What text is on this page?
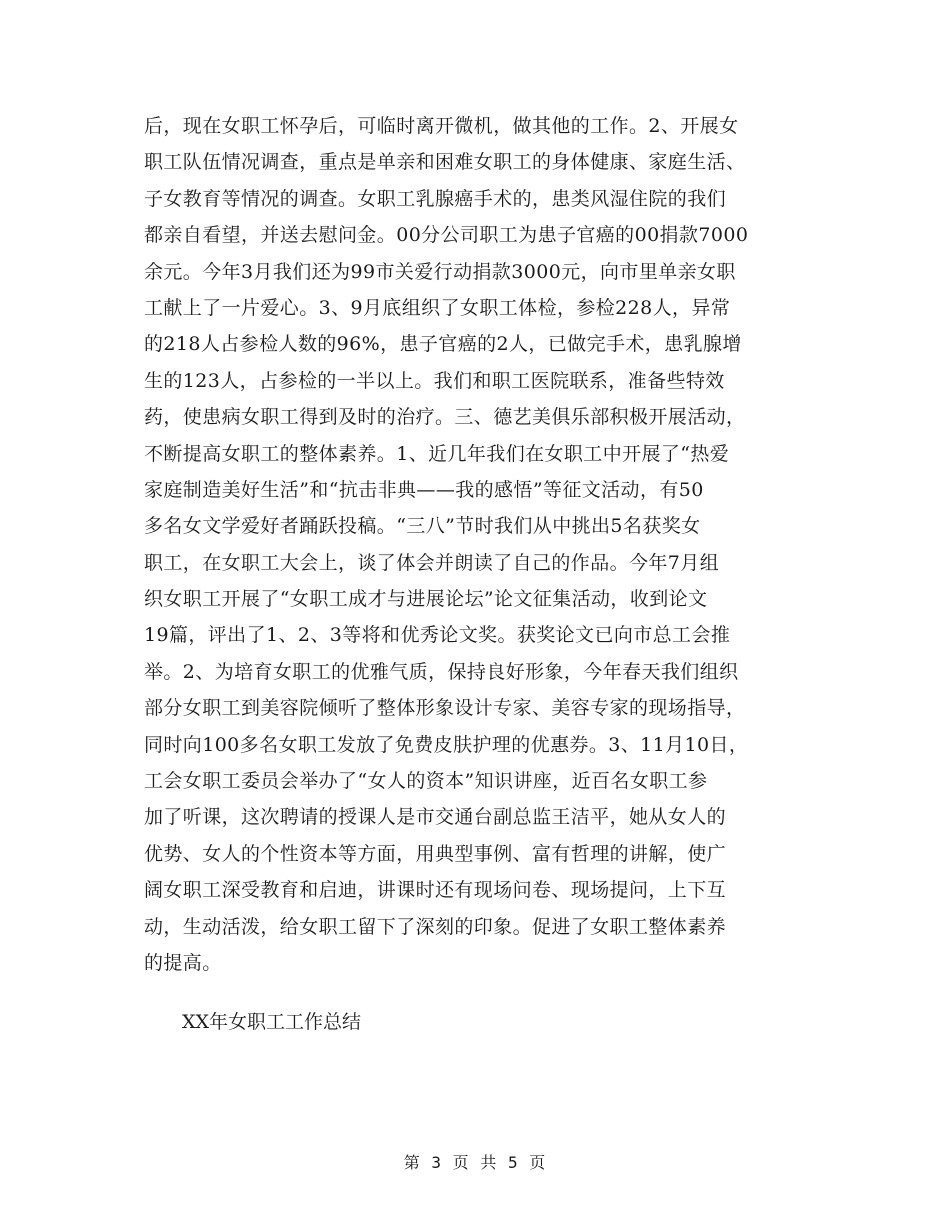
后，现在女职工怀孕后，可临时离开微机，做其他的工作。2、开展女
职工队伍情况调查，重点是单亲和困难女职工的身体健康、家庭生活、
子女教育等情况的调查。女职工乳腺癌手术的，患类风湿住院的我们
都亲自看望，并送去慰问金。00分公司职工为患子官癌的00捐款7000
余元。今年3月我们还为99市关爱行动捐款3000元，向市里单亲女职
工献上了一片爱心。3、9月底组织了女职工体检，参检228人，异常
的218人占参检人数的96%，患子官癌的2人，已做完手术，患乳腺增
生的123人，占参检的一半以上。我们和职工医院联系，准备些特效
药，使患病女职工得到及时的治疗。三、德艺美俱乐部积极开展活动，
不断提高女职工的整体素养。1、近几年我们在女职工中开展了“热爱
家庭制造美好生活”和“抗击非典——我的感悟”等征文活动，有50
多名女文学爱好者踊跃投稿。“三八”节时我们从中挑出5名获奖女
职工，在女职工大会上，谈了体会并朗读了自己的作品。今年7月组
织女职工开展了“女职工成才与进展论坛”论文征集活动，收到论文
19篇，评出了1、2、3等将和优秀论文奖。获奖论文已向市总工会推
举。2、为培育女职工的优雅气质，保持良好形象，今年春天我们组织
部分女职工到美容院倾听了整体形象设计专家、美容专家的现场指导，
同时向100多名女职工发放了免费皮肤护理的优惠券。3、11月10日，
工会女职工委员会举办了“女人的资本”知识讲座，近百名女职工参
加了听课，这次聘请的授课人是市交通台副总监王洁平，她从女人的
优势、女人的个性资本等方面，用典型事例、富有哲理的讲解，使广
阔女职工深受教育和启迪，讲课时还有现场问卷、现场提问，上下互
动，生动活泼，给女职工留下了深刻的印象。促进了女职工整体素养
的提高。
XX年女职工工作总结
第 3 页 共 5 页
